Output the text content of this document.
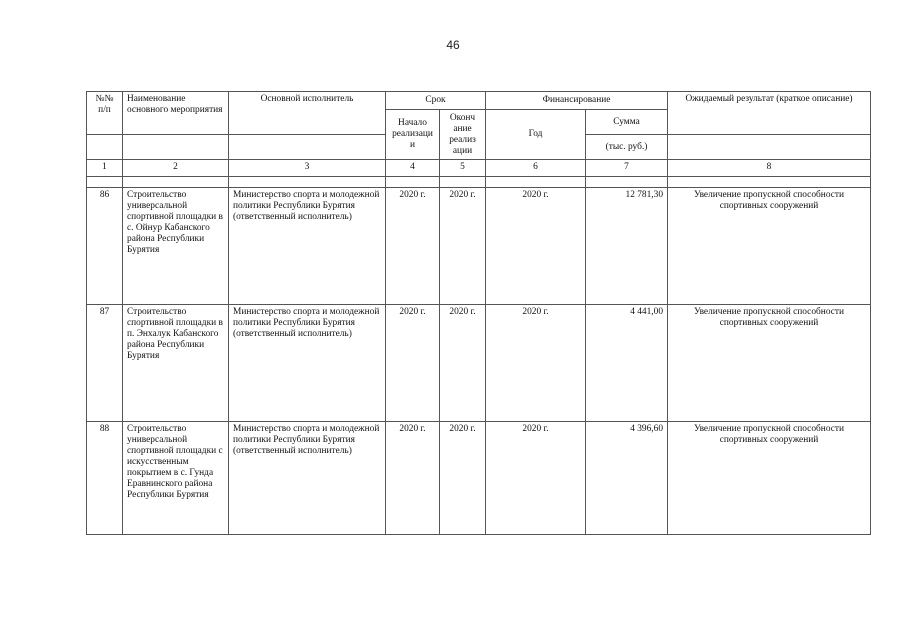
46
№№ п/п	Наименование основного мероприятия	Основной исполнитель	Срок		Финансирование		Ожидаемый результат (краткое описание)
			Начало реализаци и	Оконч ание реализ ации	Год	Сумма	
						(тыс. руб.)	
1	2	3	4	5	6	7	8

86	Строительство универсальной спортивной площадки в с. Ойнур Кабанского района Республики Бурятия	Министерство спорта и молодежной политики Республики Бурятия (ответственный исполнитель)	2020 г.	2020 г.	2020 г.	12 781,30	Увеличение пропускной способности спортивных сооружений
87	Строительство спортивной площадки в п. Энхалук Кабанского района Республики Бурятия	Министерство спорта и молодежной политики Республики Бурятия (ответственный исполнитель)	2020 г.	2020 г.	2020 г.	4 441,00	Увеличение пропускной способности спортивных сооружений
88	Строительство универсальной спортивной площадки с искусственным покрытием в с. Гунда Еравнинского района Республики Бурятия	Министерство спорта и молодежной политики Республики Бурятия (ответственный исполнитель)	2020 г.	2020 г.	2020 г.	4 396,60	Увеличение пропускной способности спортивных сооружений
